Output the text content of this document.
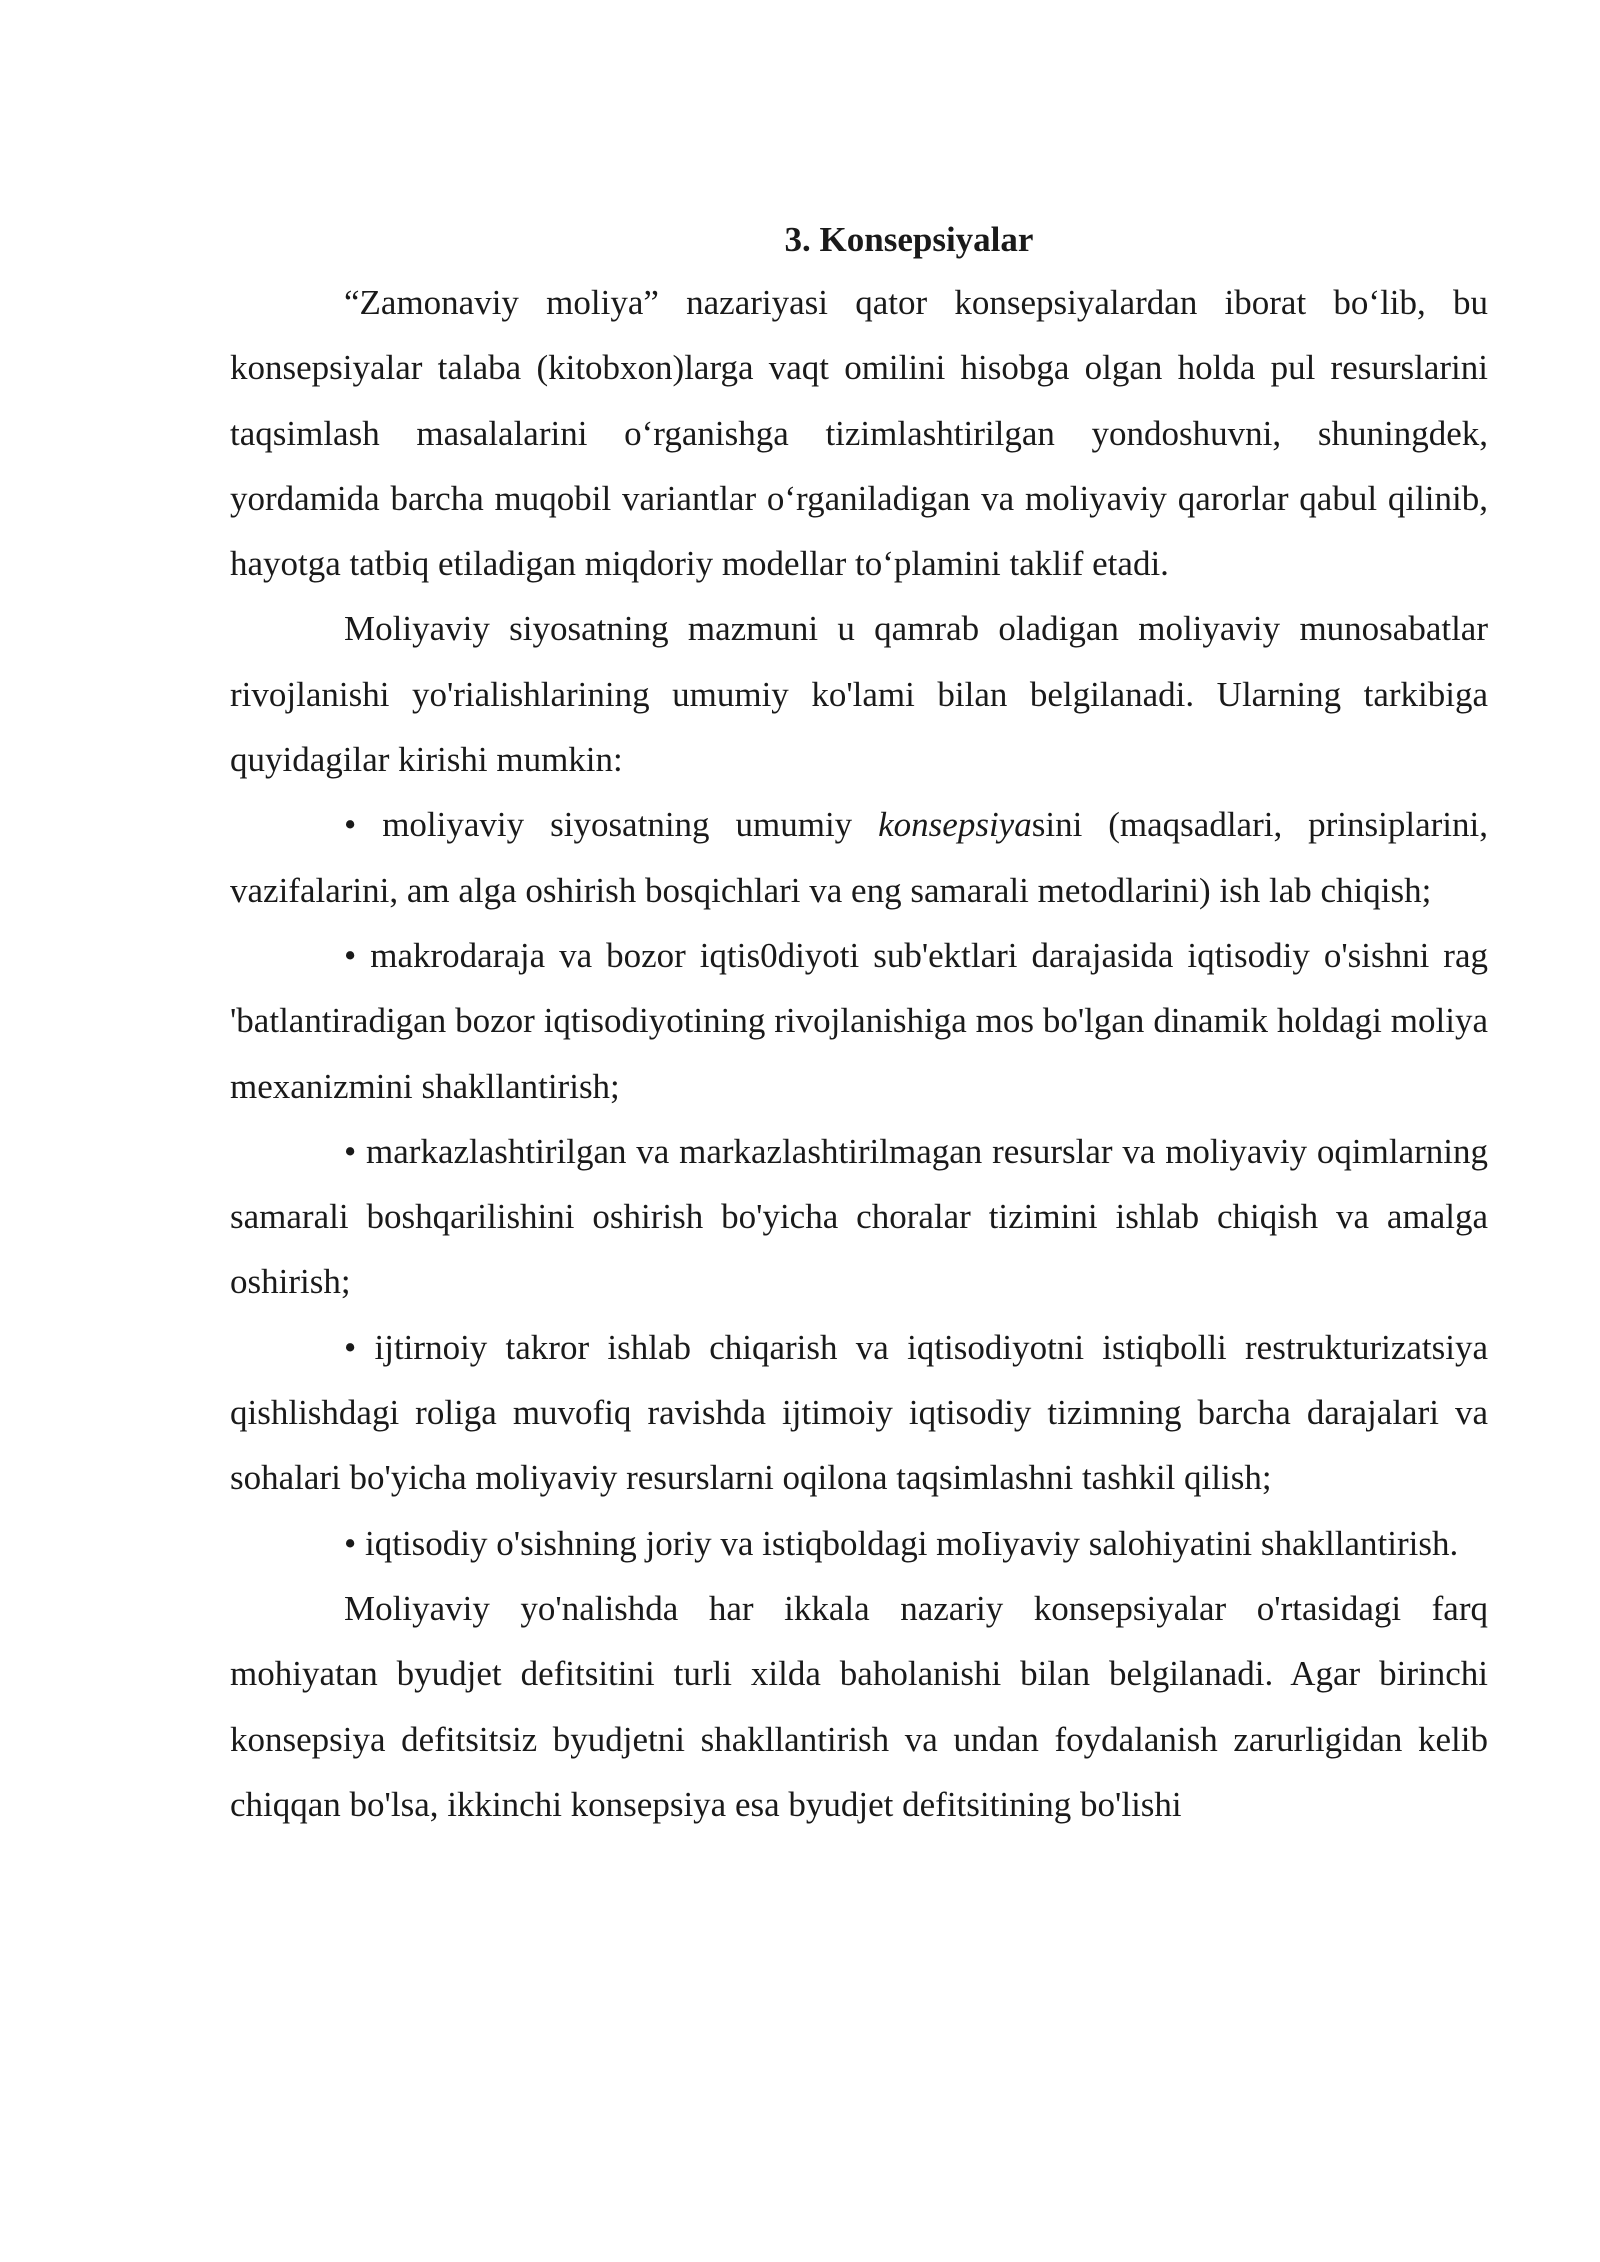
3. Konsepsiyalar

“Zamonaviy moliya” nazariyasi qator konsepsiyalardan iborat bo‘lib, bu konsepsiyalar talaba (kitobxon)larga vaqt omilini hisobga olgan holda pul resurslarini taqsimlash masalalarini o‘rganishga tizimlashtirilgan yondoshuvni, shuningdek, yordamida barcha muqobil variantlar o‘rganiladigan va moliyaviy qarorlar qabul qilinib, hayotga tatbiq etiladigan miqdoriy modellar to‘plamini taklif etadi.

Moliyaviy siyosatning mazmuni u qamrab oladigan moliyaviy munosabatlar rivojlanishi yo'rialishlarining umumiy ko'lami bilan belgilanadi. Ularning tarkibiga quyidagilar kirishi mumkin:

• moliyaviy siyosatning umumiy konsepsiyasini (maqsadlari, prinsiplarini, vazifalarini, am alga oshirish bosqichlari va eng samarali metodlarini) ish lab chiqish;

• makrodaraja va bozor iqtis0diyoti sub'ektlari darajasida iqtisodiy o'sishni rag 'batlantiradigan bozor iqtisodiyotining rivojlanishiga mos bo'lgan dinamik holdagi moliya mexanizmini shakllantirish;

• markazlashtirilgan va markazlashtirilmagan resurslar va moliyaviy oqimlarning samarali boshqarilishini oshirish bo'yicha choralar tizimini ishlab chiqish va amalga oshirish;

• ijtirnoiy takror ishlab chiqarish va iqtisodiyotni istiqbolli restrukturizatsiya qishlishdagi roliga muvofiq ravishda ijtimoiy iqtisodiy tizimning barcha darajalari va sohalari bo'yicha moliyaviy resurslarni oqilona taqsimlashni tashkil qilish;

• iqtisodiy o'sishning joriy va istiqboldagi moIiyaviy salohiyatini shakllantirish.

Moliyaviy yo'nalishda har ikkala nazariy konsepsiyalar o'rtasidagi farq mohiyatan byudjet defitsitini turli xilda baholanishi bilan belgilanadi. Agar birinchi konsepsiya defitsitsiz byudjetni shakllantirish va undan foydalanish zarurligidan kelib chiqqan bo'lsa, ikkinchi konsepsiya esa byudjet defitsitining bo'lishi
